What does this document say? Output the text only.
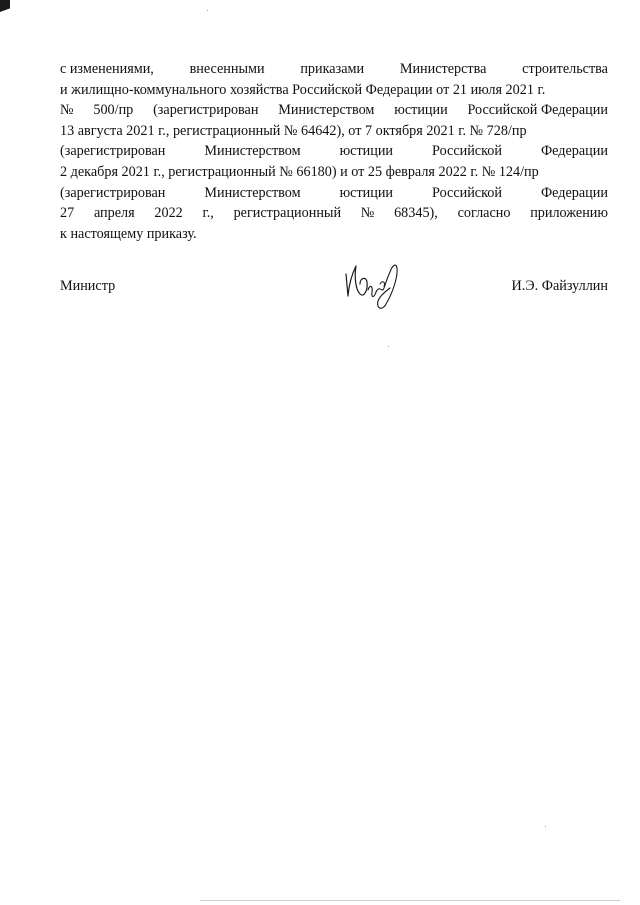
с изменениями,	внесенными	приказами	Министерства	строительства
и жилищно-коммунального хозяйства Российской Федерации от 21 июля 2021 г.
№ 500/пр (зарегистрирован Министерством юстиции Российской Федерации
13 августа 2021 г., регистрационный № 64642), от 7 октября 2021 г. № 728/пр
(зарегистрирован	Министерством	юстиции	Российской	Федерации
2 декабря 2021 г., регистрационный № 66180) и от 25 февраля 2022 г. № 124/пр
(зарегистрирован	Министерством	юстиции	Российской	Федерации
27 апреля 2022 г., регистрационный № 68345), согласно приложению
к настоящему приказу.
Министр	И.Э. Файзуллин
